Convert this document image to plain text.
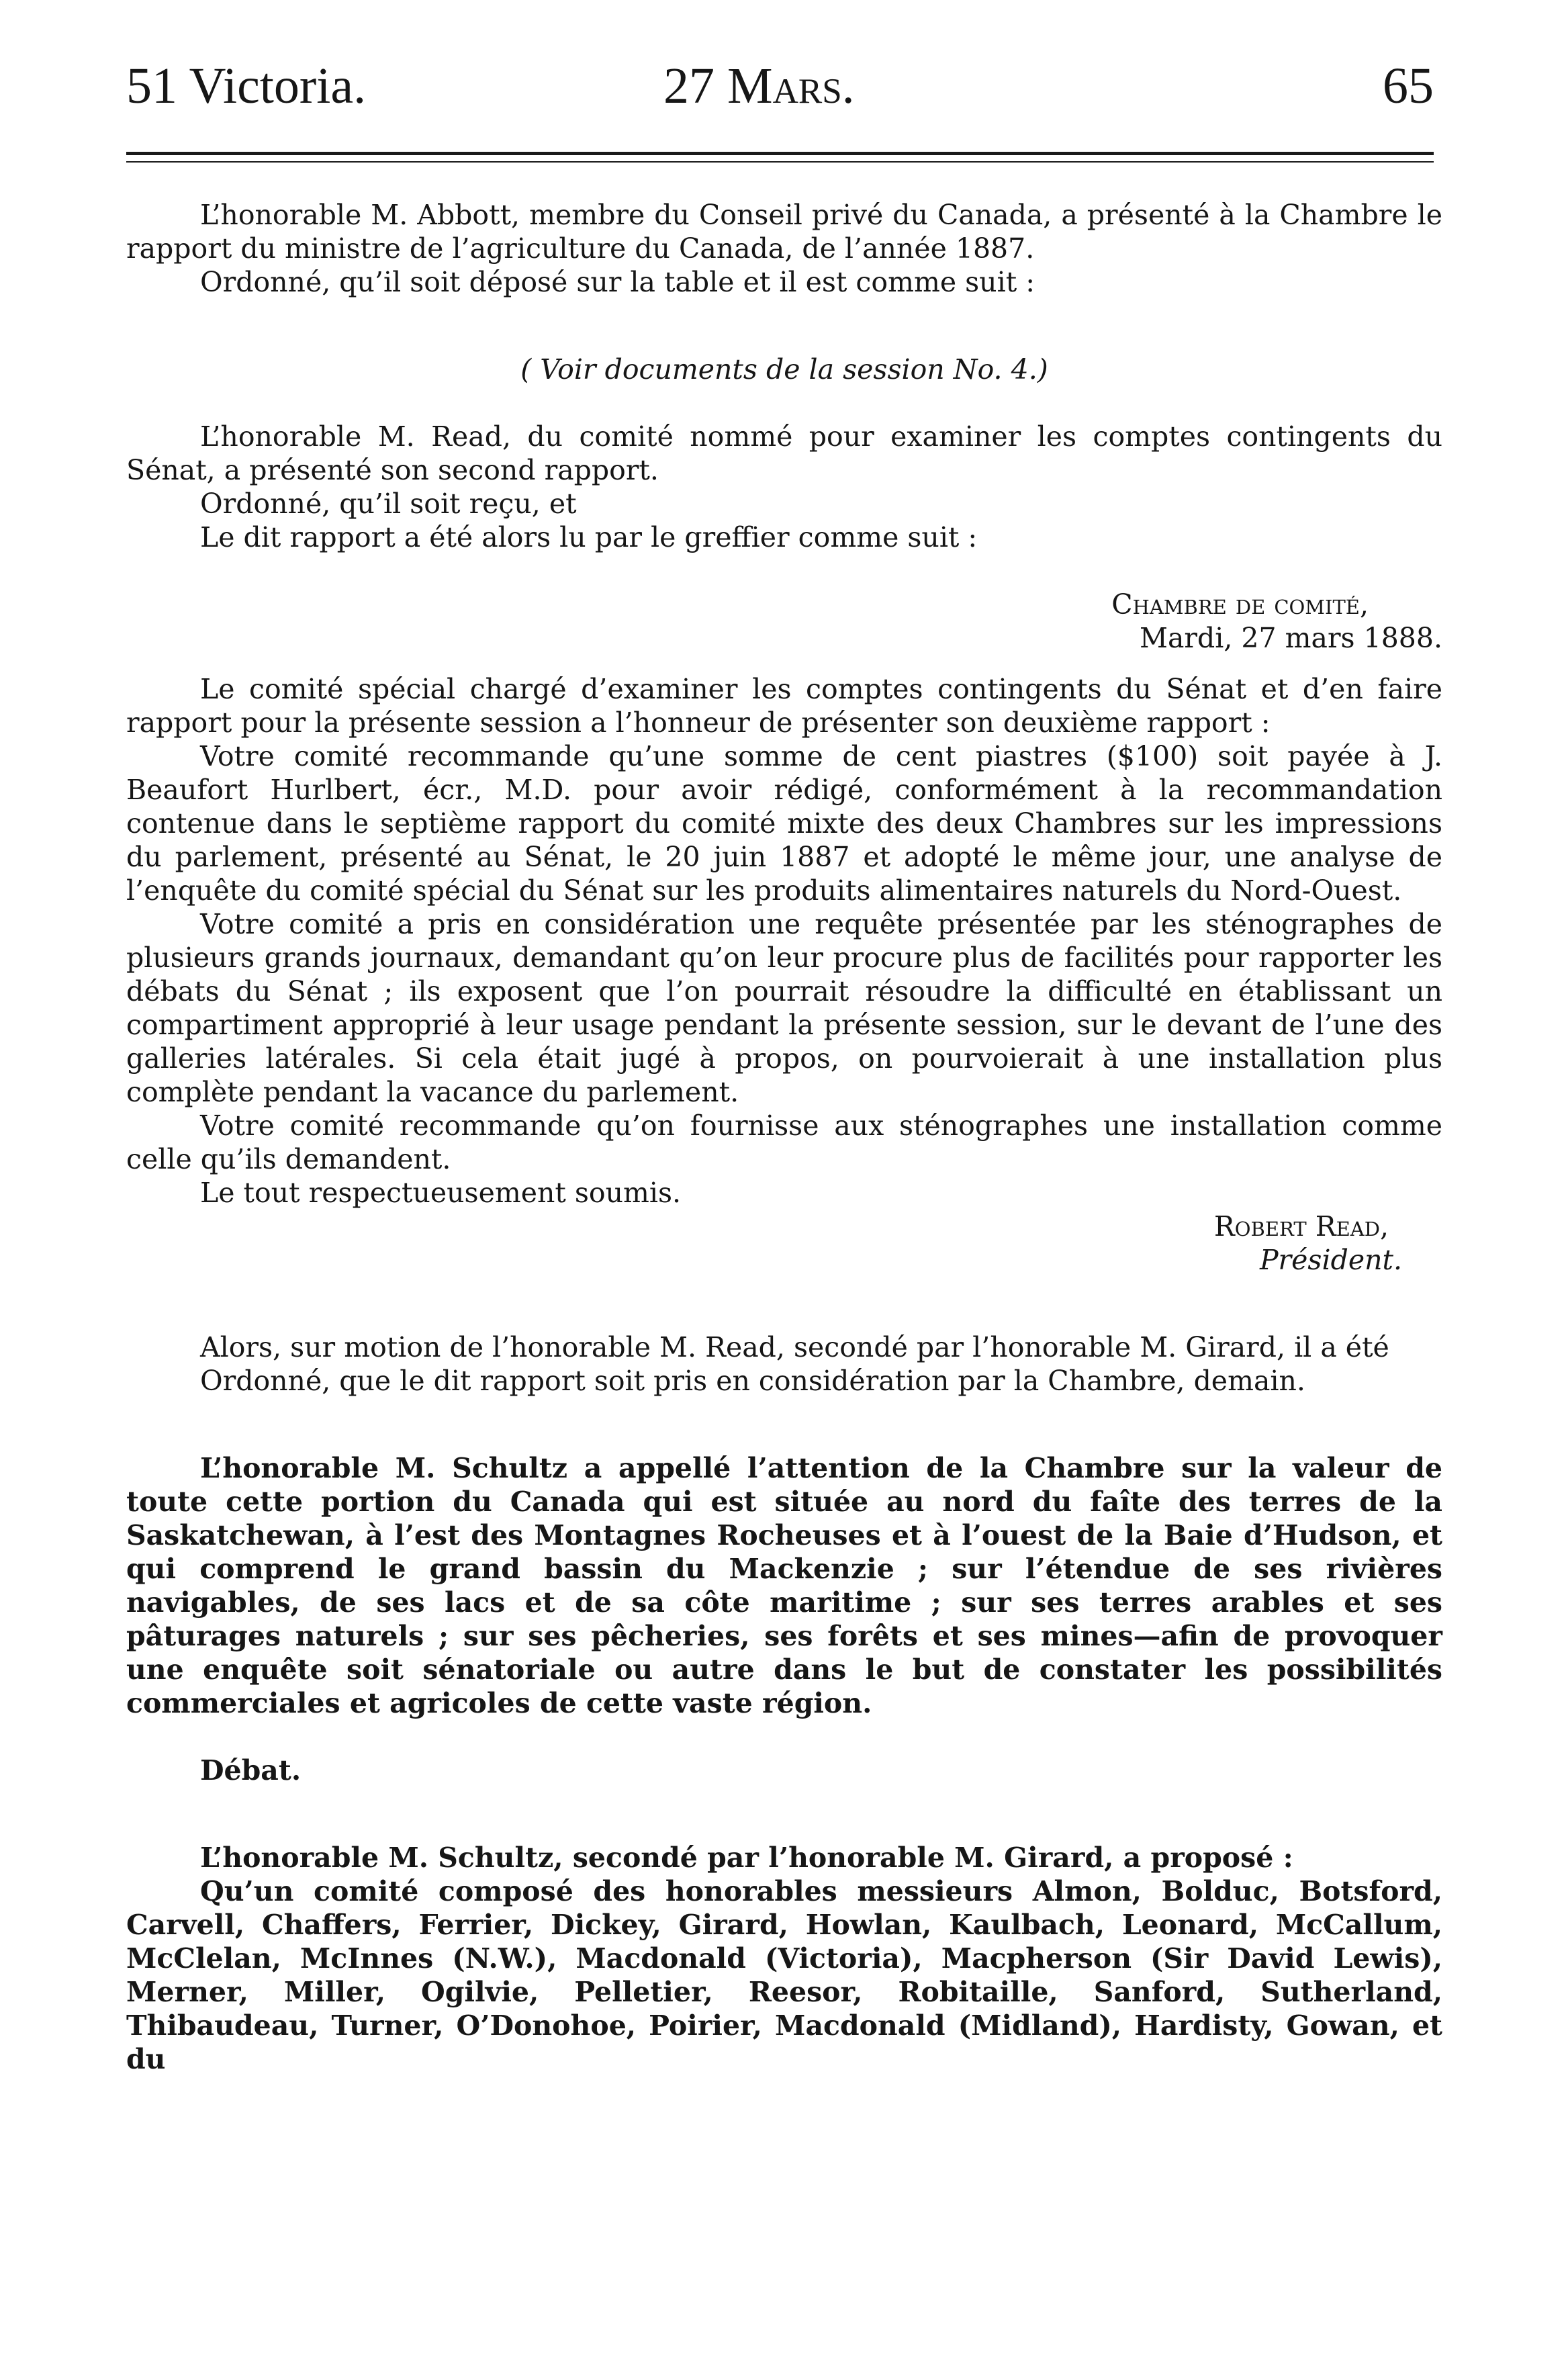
51 Victoria.	27 Mars.	65

L’honorable M. Abbott, membre du Conseil privé du Canada, a présenté à la Chambre le rapport du ministre de l’agriculture du Canada, de l’année 1887.

Ordonné, qu’il soit déposé sur la table et il est comme suit :

( Voir documents de la session No. 4.)

L’honorable M. Read, du comité nommé pour examiner les comptes contingents du Sénat, a présenté son second rapport.

Ordonné, qu’il soit reçu, et

Le dit rapport a été alors lu par le greffier comme suit :

Chambre de comité,

Mardi, 27 mars 1888.

Le comité spécial chargé d’examiner les comptes contingents du Sénat et d’en faire rapport pour la présente session a l’honneur de présenter son deuxième rapport :

Votre comité recommande qu’une somme de cent piastres ($100) soit payée à J. Beaufort Hurlbert, écr., M.D. pour avoir rédigé, conformément à la recommandation contenue dans le septième rapport du comité mixte des deux Chambres sur les impressions du parlement, présenté au Sénat, le 20 juin 1887 et adopté le même jour, une analyse de l’enquête du comité spécial du Sénat sur les produits alimentaires naturels du Nord-Ouest.

Votre comité a pris en considération une requête présentée par les sténographes de plusieurs grands journaux, demandant qu’on leur procure plus de facilités pour rapporter les débats du Sénat ; ils exposent que l’on pourrait résoudre la difficulté en établissant un compartiment approprié à leur usage pendant la présente session, sur le devant de l’une des galleries latérales. Si cela était jugé à propos, on pourvoierait à une installation plus complète pendant la vacance du parlement.

Votre comité recommande qu’on fournisse aux sténographes une installation comme celle qu’ils demandent.

Le tout respectueusement soumis.

Robert Read,

Président.

Alors, sur motion de l’honorable M. Read, secondé par l’honorable M. Girard, il a été

Ordonné, que le dit rapport soit pris en considération par la Chambre, demain.

L’honorable M. Schultz a appellé l’attention de la Chambre sur la valeur de toute cette portion du Canada qui est située au nord du faîte des terres de la Saskatchewan, à l’est des Montagnes Rocheuses et à l’ouest de la Baie d’Hudson, et qui comprend le grand bassin du Mackenzie ; sur l’étendue de ses rivières navigables, de ses lacs et de sa côte maritime ; sur ses terres arables et ses pâturages naturels ; sur ses pêcheries, ses forêts et ses mines—afin de provoquer une enquête soit sénatoriale ou autre dans le but de constater les possibilités commerciales et agricoles de cette vaste région.

Débat.

L’honorable M. Schultz, secondé par l’honorable M. Girard, a proposé :

Qu’un comité composé des honorables messieurs Almon, Bolduc, Botsford, Carvell, Chaffers, Ferrier, Dickey, Girard, Howlan, Kaulbach, Leonard, McCallum, McClelan, McInnes (N.W.), Macdonald (Victoria), Macpherson (Sir David Lewis), Merner, Miller, Ogilvie, Pelletier, Reesor, Robitaille, Sanford, Sutherland, Thibaudeau, Turner, O’Donohoe, Poirier, Macdonald (Midland), Hardisty, Gowan, et du
